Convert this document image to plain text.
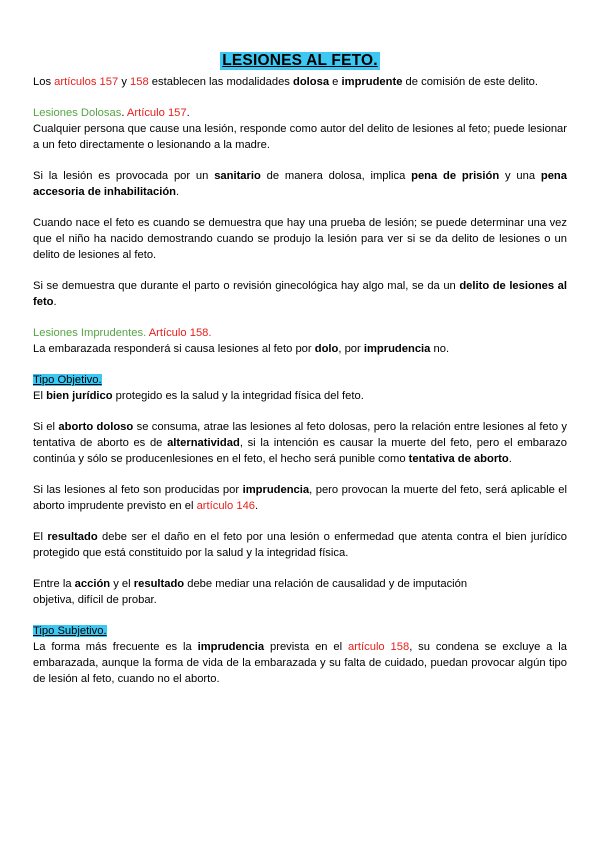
LESIONES AL FETO.

Los artículos 157 y 158 establecen las modalidades dolosa e imprudente de comisión de este delito.

Lesiones Dolosas. Artículo 157.

Cualquier persona que cause una lesión, responde como autor del delito de lesiones al feto; puede lesionar a un feto directamente o lesionando a la madre.

Si la lesión es provocada por un sanitario de manera dolosa, implica pena de prisión y una pena accesoria de inhabilitación.

Cuando nace el feto es cuando se demuestra que hay una prueba de lesión; se puede determinar una vez que el niño ha nacido demostrando cuando se produjo la lesión para ver si se da delito de lesiones o un delito de lesiones al feto.

Si se demuestra que durante el parto o revisión ginecológica hay algo mal, se da un delito de lesiones al feto.

Lesiones Imprudentes. Artículo 158.

La embarazada responderá si causa lesiones al feto por dolo, por imprudencia no.

Tipo Objetivo.

El bien jurídico protegido es la salud y la integridad física del feto.

Si el aborto doloso se consuma, atrae las lesiones al feto dolosas, pero la relación entre lesiones al feto y tentativa de aborto es de alternatividad, si la intención es causar la muerte del feto, pero el embarazo continúa y sólo se producenlesiones en el feto, el hecho será punible como tentativa de aborto.

Si las lesiones al feto son producidas por imprudencia, pero provocan la muerte del feto, será aplicable el aborto imprudente previsto en el artículo 146.

El resultado debe ser el daño en el feto por una lesión o enfermedad que atenta contra el bien jurídico protegido que está constituido por la salud y la integridad física.

Entre la acción y el resultado debe mediar una relación de causalidad y de imputación
objetiva, difícil de probar.

Tipo Subjetivo.

La forma más frecuente es la imprudencia prevista en el artículo 158, su condena se excluye a la embarazada, aunque la forma de vida de la embarazada y su falta de cuidado, puedan provocar algún tipo de lesión al feto, cuando no el aborto.
